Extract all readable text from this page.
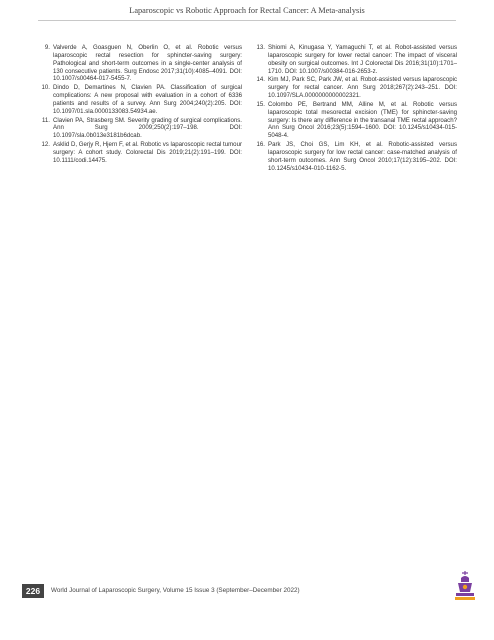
Laparoscopic vs Robotic Approach for Rectal Cancer: A Meta-analysis
9. Valverde A, Goasguen N, Oberlin O, et al. Robotic versus laparoscopic rectal resection for sphincter-saving surgery: Pathological and short-term outcomes in a single-center analysis of 130 consecutive patients. Surg Endosc 2017;31(10):4085–4091. DOI: 10.1007/s00464-017-5455-7.
10. Dindo D, Demartines N, Clavien PA. Classification of surgical complications: A new proposal with evaluation in a cohort of 6336 patients and results of a survey. Ann Surg 2004;240(2):205. DOI: 10.1097/01.sla.0000133083.54934.ae.
11. Clavien PA, Strasberg SM. Severity grading of surgical complications. Ann Surg 2009;250(2):197–198. DOI: 10.1097/sla.0b013e3181b6dcab.
12. Asklid D, Gerjy R, Hjern F, et al. Robotic vs laparoscopic rectal tumour surgery: A cohort study. Colorectal Dis 2019;21(2):191–199. DOI: 10.1111/codi.14475.
13. Shiomi A, Kinugasa Y, Yamaguchi T, et al. Robot-assisted versus laparoscopic surgery for lower rectal cancer: The impact of visceral obesity on surgical outcomes. Int J Colorectal Dis 2016;31(10):1701–1710. DOI: 10.1007/s00384-016-2653-z.
14. Kim MJ, Park SC, Park JW, et al. Robot-assisted versus laparoscopic surgery for rectal cancer. Ann Surg 2018;267(2):243–251. DOI: 10.1097/SLA.0000000000002321.
15. Colombo PE, Bertrand MM, Alline M, et al. Robotic versus laparoscopic total mesorectal excision (TME) for sphincter-saving surgery: Is there any difference in the transanal TME rectal approach? Ann Surg Oncol 2016;23(5):1594–1600. DOI: 10.1245/s10434-015-5048-4.
16. Park JS, Choi GS, Lim KH, et al. Robotic-assisted versus laparoscopic surgery for low rectal cancer: case-matched analysis of short-term outcomes. Ann Surg Oncol 2010;17(12):3195–202. DOI: 10.1245/s10434-010-1162-5.
226	World Journal of Laparoscopic Surgery, Volume 15 Issue 3 (September–December 2022)
